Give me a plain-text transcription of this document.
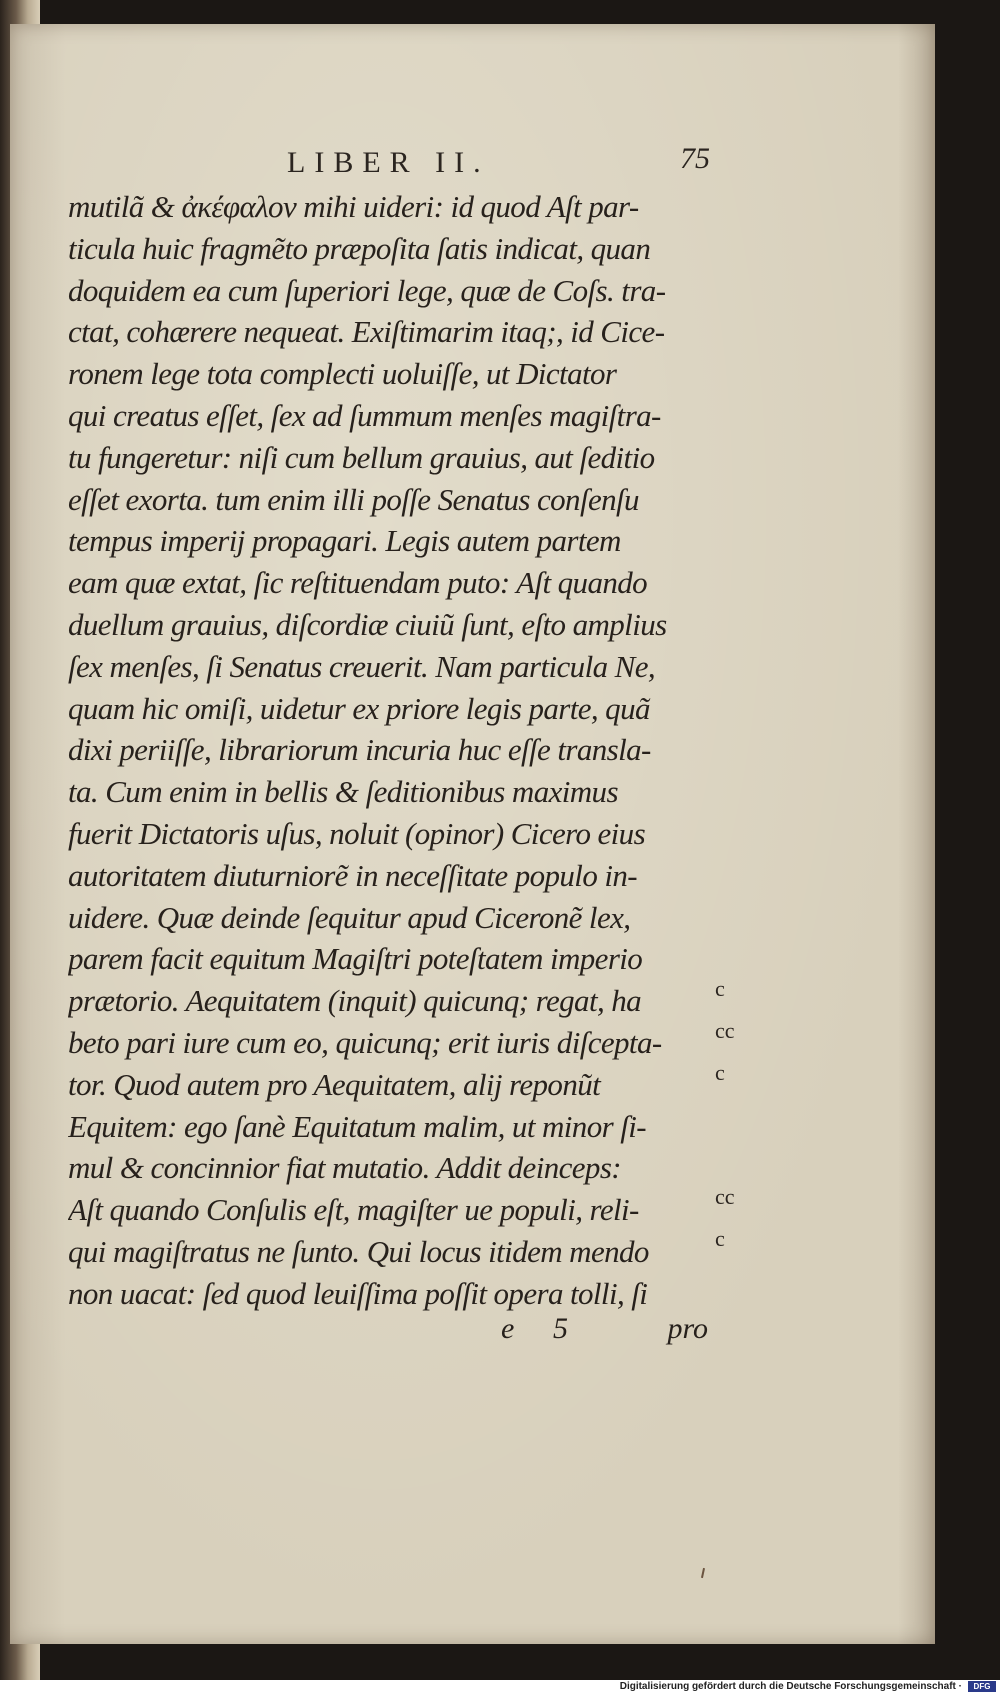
LIBER II.	75
mutilã & ἀκέφαλον mihi uideri: id quod Aſt par-
ticula huic fragmẽto præpoſita ſatis indicat, quan
doquidem ea cum ſuperiori lege, quæ de Coſs. tra-
ctat, cohærere nequeat. Exiſtimarim itaq;, id Cice-
ronem lege tota complecti uoluiſſe, ut Dictator
qui creatus eſſet, ſex ad ſummum menſes magiſtra-
tu fungeretur: niſi cum bellum grauius, aut ſeditio
eſſet exorta. tum enim illi poſſe Senatus conſenſu
tempus imperij propagari. Legis autem partem
eam quæ extat, ſic reſtituendam puto: Aſt quando
duellum grauius, diſcordiæ ciuiũ ſunt, eſto amplius
ſex menſes, ſi Senatus creuerit. Nam particula Ne,
quam hic omiſi, uidetur ex priore legis parte, quã
dixi periiſſe, librariorum incuria huc eſſe transla-
ta. Cum enim in bellis & ſeditionibus maximus
fuerit Dictatoris uſus, noluit (opinor) Cicero eius
autoritatem diuturniorẽ in neceſſitate populo in-
uidere. Quæ deinde ſequitur apud Ciceronẽ lex,
parem facit equitum Magiſtri poteſtatem imperio
prætorio. Aequitatem (inquit) quicunq; regat, ha
beto pari iure cum eo, quicunq; erit iuris diſcepta-
tor. Quod autem pro Aequitatem, alij reponũt
Equitem: ego ſanè Equitatum malim, ut minor ſi-
mul & concinnior fiat mutatio. Addit deinceps:
Aſt quando Conſulis eſt, magiſter ue populi, reli-
qui magiſtratus ne ſunto. Qui locus itidem mendo
non uacat: ſed quod leuiſſima poſſit opera tolli, ſi
c
cc
c
cc
c
e 5	pro
Digitalisierung gefördert durch die Deutsche Forschungsgemeinschaft ·	DFG
